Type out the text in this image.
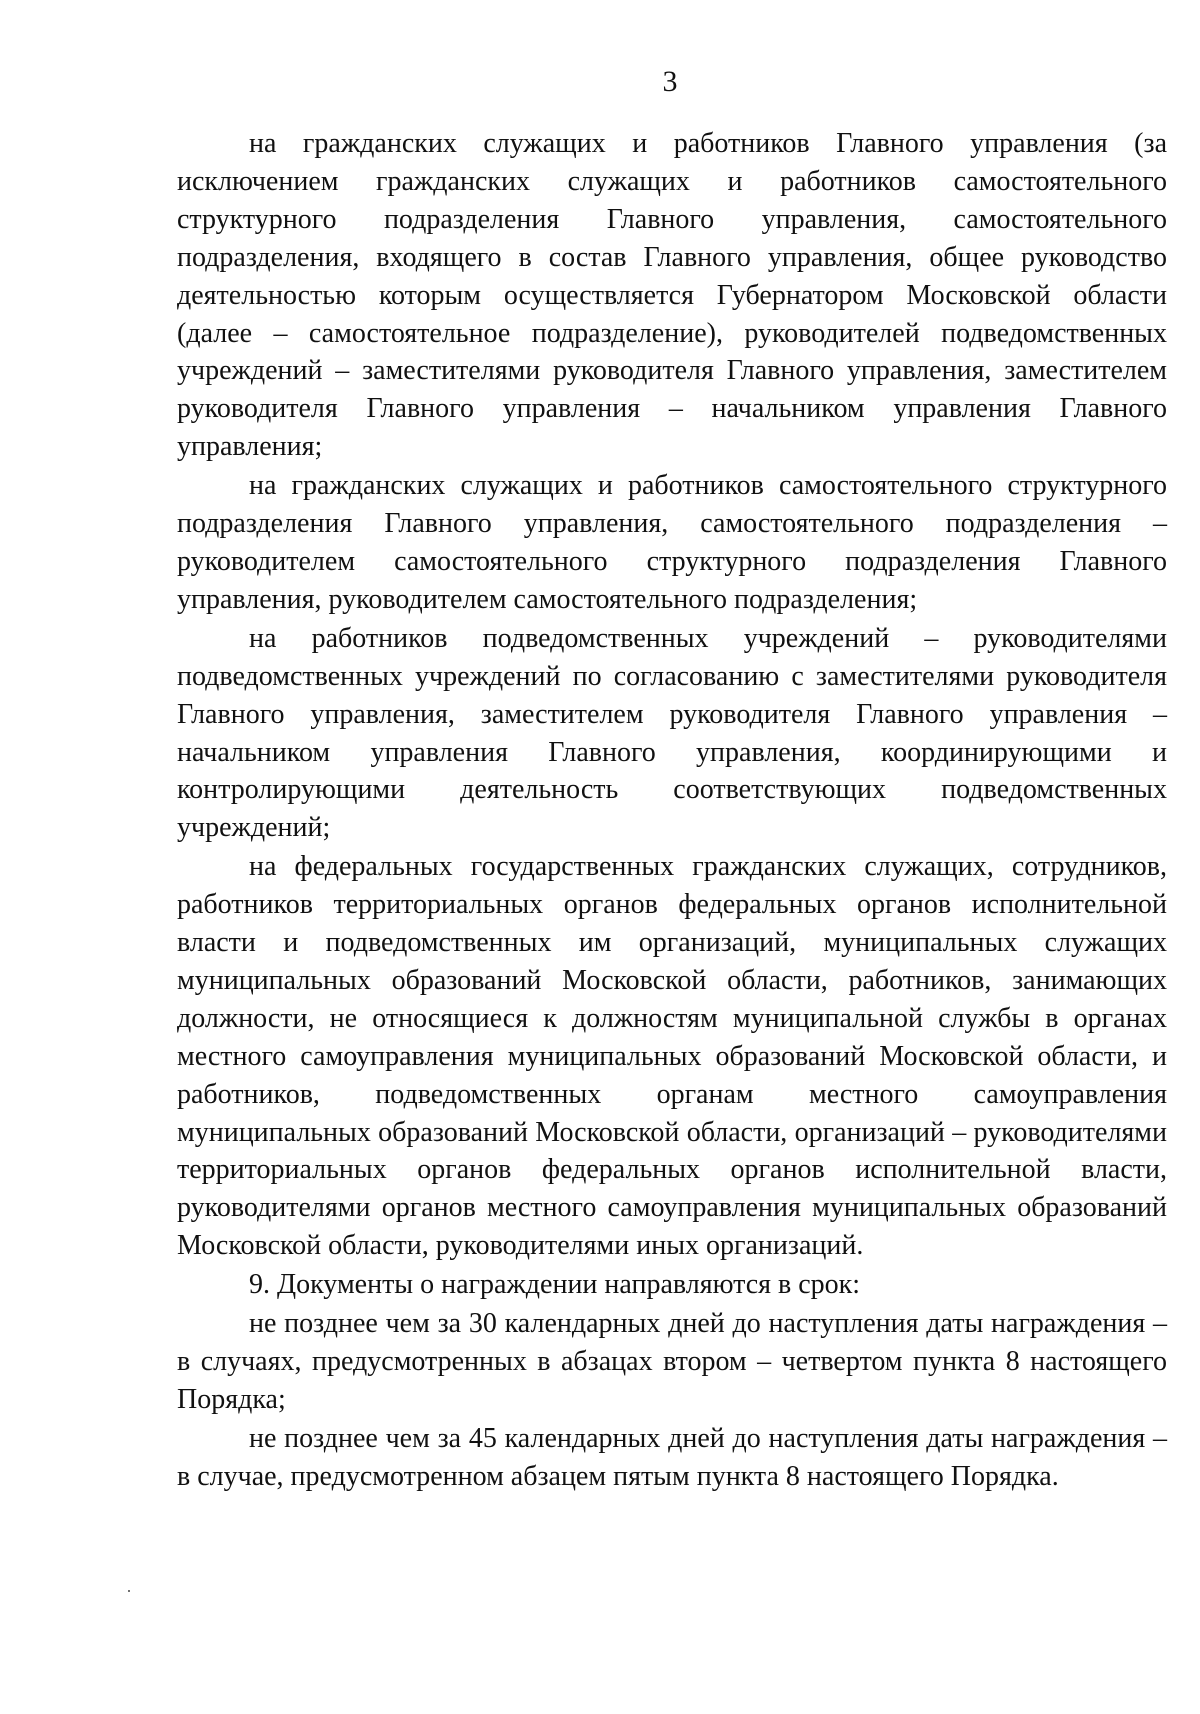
3

на гражданских служащих и работников Главного управления (за исключением гражданских служащих и работников самостоятельного структурного подразделения Главного управления, самостоятельного подразделения, входящего в состав Главного управления, общее руководство деятельностью которым осуществляется Губернатором Московской области (далее – самостоятельное подразделение), руководителей подведомственных учреждений – заместителями руководителя Главного управления, заместителем руководителя Главного управления – начальником управления Главного управления;

на гражданских служащих и работников самостоятельного структурного подразделения Главного управления, самостоятельного подразделения – руководителем самостоятельного структурного подразделения Главного управления, руководителем самостоятельного подразделения;

на работников подведомственных учреждений – руководителями подведомственных учреждений по согласованию с заместителями руководителя Главного управления, заместителем руководителя Главного управления – начальником управления Главного управления, координирующими и контролирующими деятельность соответствующих подведомственных учреждений;

на федеральных государственных гражданских служащих, сотрудников, работников территориальных органов федеральных органов исполнительной власти и подведомственных им организаций, муниципальных служащих муниципальных образований Московской области, работников, занимающих должности, не относящиеся к должностям муниципальной службы в органах местного самоуправления муниципальных образований Московской области, и работников, подведомственных органам местного самоуправления муниципальных образований Московской области, организаций – руководителями территориальных органов федеральных органов исполнительной власти, руководителями органов местного самоуправления муниципальных образований Московской области, руководителями иных организаций.

9. Документы о награждении направляются в срок:

не позднее чем за 30 календарных дней до наступления даты награждения – в случаях, предусмотренных в абзацах втором – четвертом пункта 8 настоящего Порядка;

не позднее чем за 45 календарных дней до наступления даты награждения – в случае, предусмотренном абзацем пятым пункта 8 настоящего Порядка.
